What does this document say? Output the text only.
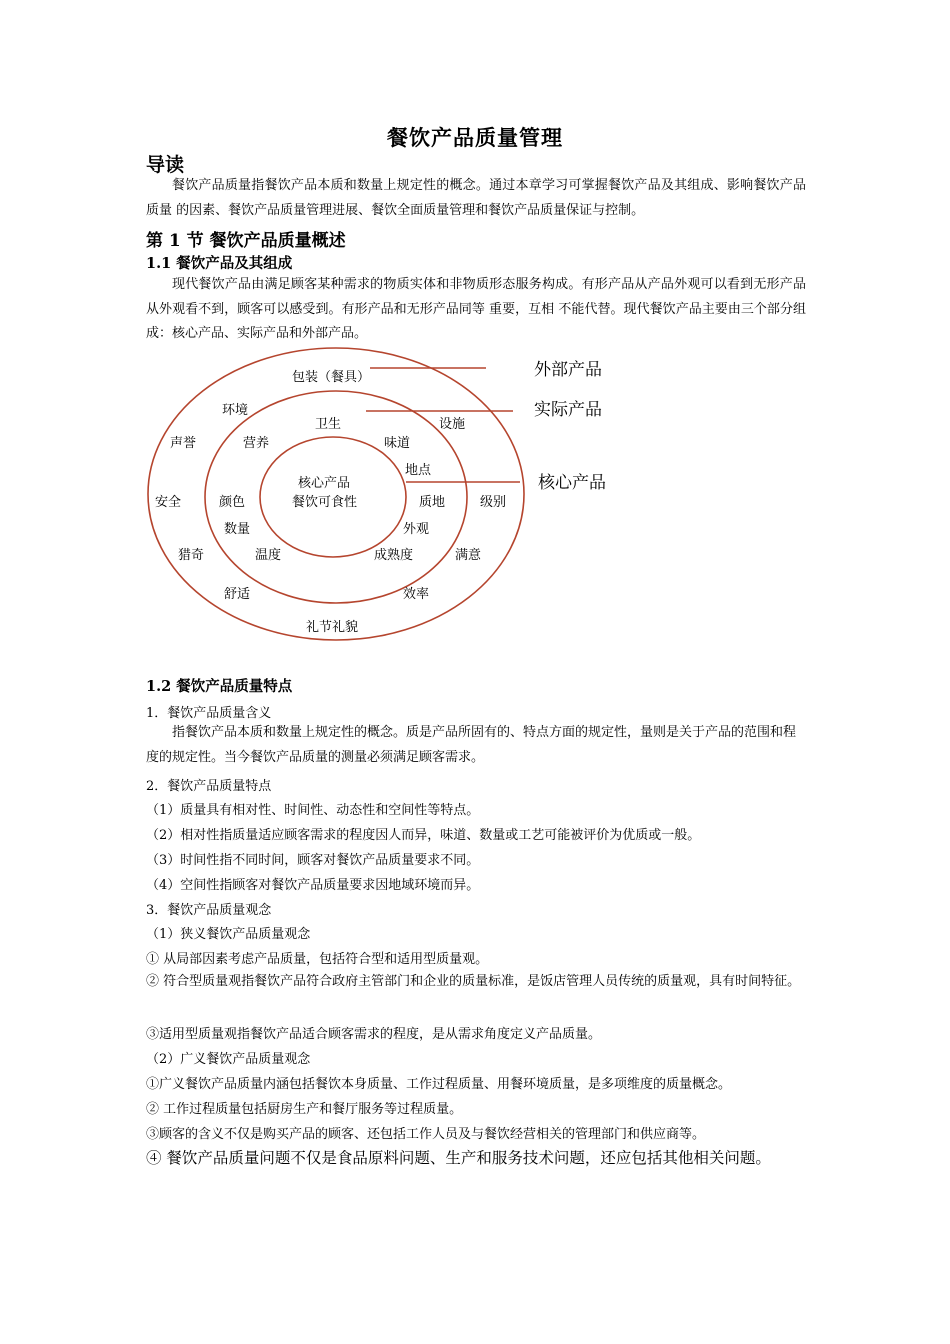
餐饮产品质量管理
导读
餐饮产品质量指餐饮产品本质和数量上规定性的概念。通过本章学习可掌握餐饮产品及其组成、影响餐饮产品质量 的因素、餐饮产品质量管理进展、餐饮全面质量管理和餐饮产品质量保证与控制。
第 1 节 餐饮产品质量概述
1.1 餐饮产品及其组成
现代餐饮产品由满足顾客某种需求的物质实体和非物质形态服务构成。有形产品从产品外观可以看到无形产品从外观看不到，顾客可以感受到。有形产品和无形产品同等 重要，互相 不能代替。现代餐饮产品主要由三个部分组成：核心产品、实际产品和外部产品。
外部产品
实际产品
核心产品
包装（餐具）
环境
声誉
安全
猎奇
舒适
礼节礼貌
效率
满意
级别
设施
卫生
营养	味道
地点
颜色	质地
数量	外观
温度	成熟度
核心产品
餐饮可食性
1.2 餐饮产品质量特点
1．餐饮产品质量含义
指餐饮产品本质和数量上规定性的概念。质是产品所固有的、特点方面的规定性，量则是关于产品的范围和程度的规定性。当今餐饮产品质量的测量必须满足顾客需求。
2．餐饮产品质量特点
（1）质量具有相对性、时间性、动态性和空间性等特点。
（2）相对性指质量适应顾客需求的程度因人而异，味道、数量或工艺可能被评价为优质或一般。
（3）时间性指不同时间，顾客对餐饮产品质量要求不同。
（4）空间性指顾客对餐饮产品质量要求因地域环境而异。
3．餐饮产品质量观念
（1）狭义餐饮产品质量观念
① 从局部因素考虑产品质量，包括符合型和适用型质量观。
② 符合型质量观指餐饮产品符合政府主管部门和企业的质量标准，是饭店管理人员传统的质量观，具有时间特征。
③适用型质量观指餐饮产品适合顾客需求的程度，是从需求角度定义产品质量。
（2）广义餐饮产品质量观念
①广义餐饮产品质量内涵包括餐饮本身质量、工作过程质量、用餐环境质量，是多项维度的质量概念。
② 工作过程质量包括厨房生产和餐厅服务等过程质量。
③顾客的含义不仅是购买产品的顾客、还包括工作人员及与餐饮经营相关的管理部门和供应商等。
④ 餐饮产品质量问题不仅是食品原料问题、生产和服务技术问题，还应包括其他相关问题。
